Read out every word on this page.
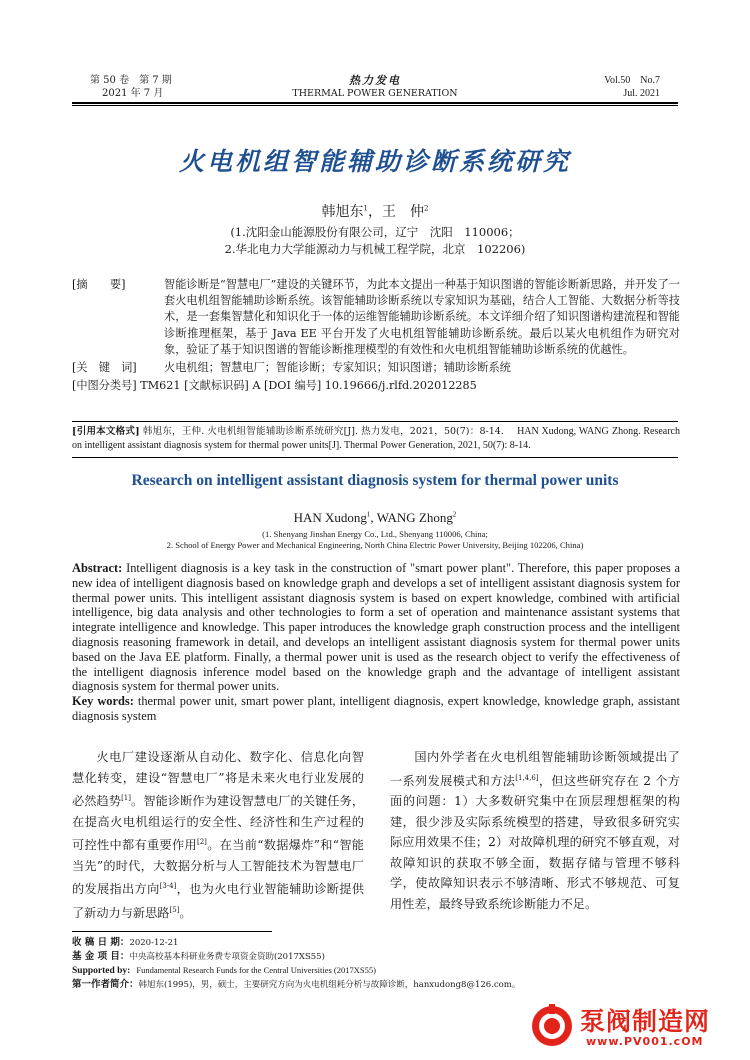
第 50 卷　第 7 期
2021 年 7 月
热力发电
THERMAL POWER GENERATION
Vol.50　No.7
Jul. 2021
火电机组智能辅助诊断系统研究
韩旭东$^1$，王　仲$^2$
(1.沈阳金山能源股份有限公司，辽宁　沈阳　110006；
2.华北电力大学能源动力与机械工程学院，北京　102206)
[摘　　要]	智能诊断是“智慧电厂”建设的关键环节，为此本文提出一种基于知识图谱的智能诊断新思路，并开发了一套火电机组智能辅助诊断系统。该智能辅助诊断系统以专家知识为基础，结合人工智能、大数据分析等技术，是一套集智慧化和知识化于一体的运维智能辅助诊断系统。本文详细介绍了知识图谱构建流程和智能诊断推理框架，基于 Java EE 平台开发了火电机组智能辅助诊断系统。最后以某火电机组作为研究对象，验证了基于知识图谱的智能诊断推理模型的有效性和火电机组智能辅助诊断系统的优越性。
[关　键　词]	火电机组；智慧电厂；智能诊断；专家知识；知识图谱；辅助诊断系统
[中图分类号] TM621 [文献标识码] A [DOI 编号] 10.19666/j.rlfd.202012285
[引用本文格式] 韩旭东，王仲. 火电机组智能辅助诊断系统研究[J]. 热力发电，2021，50(7)：8-14. HAN Xudong, WANG Zhong. Research on intelligent assistant diagnosis system for thermal power units[J]. Thermal Power Generation, 2021, 50(7): 8-14.
Research on intelligent assistant diagnosis system for thermal power units
HAN Xudong$^1$, WANG Zhong$^2$
(1. Shenyang Jinshan Energy Co., Ltd., Shenyang 110006, China;
2. School of Energy Power and Mechanical Engineering, North China Electric Power University, Beijing 102206, China)
Abstract: Intelligent diagnosis is a key task in the construction of "smart power plant". Therefore, this paper proposes a new idea of intelligent diagnosis based on knowledge graph and develops a set of intelligent assistant diagnosis system for thermal power units. This intelligent assistant diagnosis system is based on expert knowledge, combined with artificial intelligence, big data analysis and other technologies to form a set of operation and maintenance assistant systems that integrate intelligence and knowledge. This paper introduces the knowledge graph construction process and the intelligent diagnosis reasoning framework in detail, and develops an intelligent assistant diagnosis system for thermal power units based on the Java EE platform. Finally, a thermal power unit is used as the research object to verify the effectiveness of the intelligent diagnosis inference model based on the knowledge graph and the advantage of intelligent assistant diagnosis system for thermal power units.
Key words: thermal power unit, smart power plant, intelligent diagnosis, expert knowledge, knowledge graph, assistant diagnosis system

火电厂建设逐渐从自动化、数字化、信息化向智慧化转变，建设“智慧电厂”将是未来火电行业发展的必然趋势[1]。智能诊断作为建设智慧电厂的关键任务，在提高火电机组运行的安全性、经济性和生产过程的可控性中都有重要作用[2]。在当前“数据爆炸”和“智能当先”的时代，大数据分析与人工智能技术为智慧电厂的发展指出方向[3-4]，也为火电行业智能辅助诊断提供了新动力与新思路[5]。

国内外学者在火电机组智能辅助诊断领域提出了一系列发展模式和方法[1,4,6]，但这些研究存在 2 个方面的问题：1）大多数研究集中在顶层理想框架的构建，很少涉及实际系统模型的搭建，导致很多研究实际应用效果不佳；2）对故障机理的研究不够直观，对故障知识的获取不够全面，数据存储与管理不够科学，使故障知识表示不够清晰、形式不够规范、可复用性差，最终导致系统诊断能力不足。

收 稿 日 期：2020-12-21
基 金 项 目：中央高校基本科研业务费专项资金资助(2017XS55)
Supported by: Fundamental Research Funds for the Central Universities (2017XS55)
第一作者简介：韩旭东(1995)，男，硕士，主要研究方向为火电机组耗分析与故障诊断，hanxudong8@126.com。
泵阀制造网
www.PV001.cOM
